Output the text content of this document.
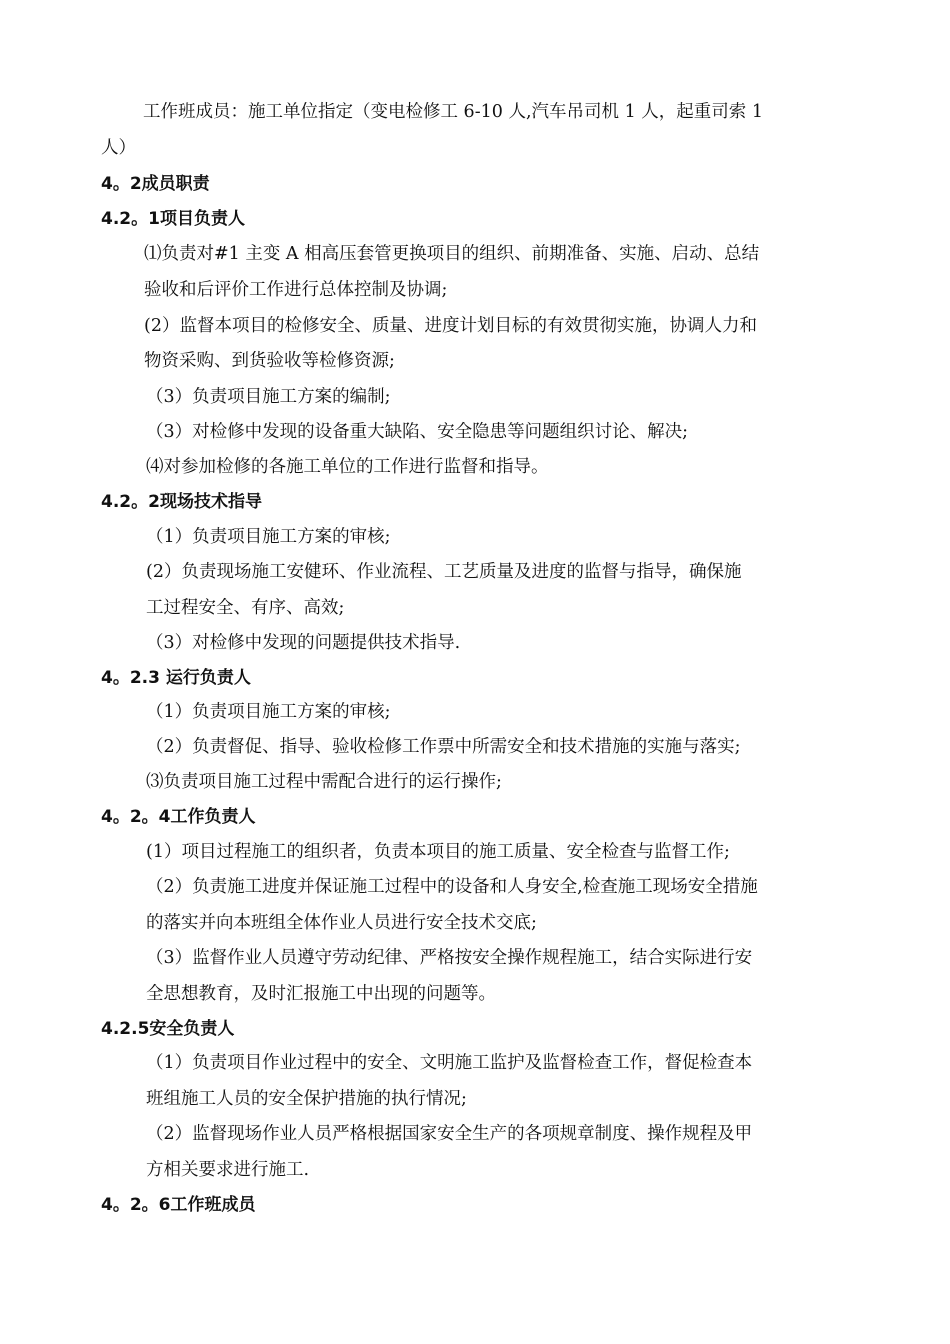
工作班成员：施工单位指定（变电检修工 6-10 人,汽车吊司机 1 人，起重司索 1
人）
4。2成员职责
4.2。1项目负责人
⑴负责对#1 主变 A 相高压套管更换项目的组织、前期准备、实施、启动、总结
验收和后评价工作进行总体控制及协调;
(2）监督本项目的检修安全、质量、进度计划目标的有效贯彻实施，协调人力和
物资采购、到货验收等检修资源;
（3）负责项目施工方案的编制;
（3）对检修中发现的设备重大缺陷、安全隐患等问题组织讨论、解决;
⑷对参加检修的各施工单位的工作进行监督和指导。
4.2。2现场技术指导
（1）负责项目施工方案的审核;
(2）负责现场施工安健环、作业流程、工艺质量及进度的监督与指导，确保施
工过程安全、有序、高效;
（3）对检修中发现的问题提供技术指导.
4。2.3 运行负责人
（1）负责项目施工方案的审核;
（2）负责督促、指导、验收检修工作票中所需安全和技术措施的实施与落实;
⑶负责项目施工过程中需配合进行的运行操作;
4。2。4工作负责人
(1）项目过程施工的组织者，负责本项目的施工质量、安全检查与监督工作;
（2）负责施工进度并保证施工过程中的设备和人身安全,检查施工现场安全措施
的落实并向本班组全体作业人员进行安全技术交底;
（3）监督作业人员遵守劳动纪律、严格按安全操作规程施工，结合实际进行安
全思想教育，及时汇报施工中出现的问题等。
4.2.5安全负责人
（1）负责项目作业过程中的安全、文明施工监护及监督检查工作，督促检查本
班组施工人员的安全保护措施的执行情况;
（2）监督现场作业人员严格根据国家安全生产的各项规章制度、操作规程及甲
方相关要求进行施工.
4。2。6工作班成员
